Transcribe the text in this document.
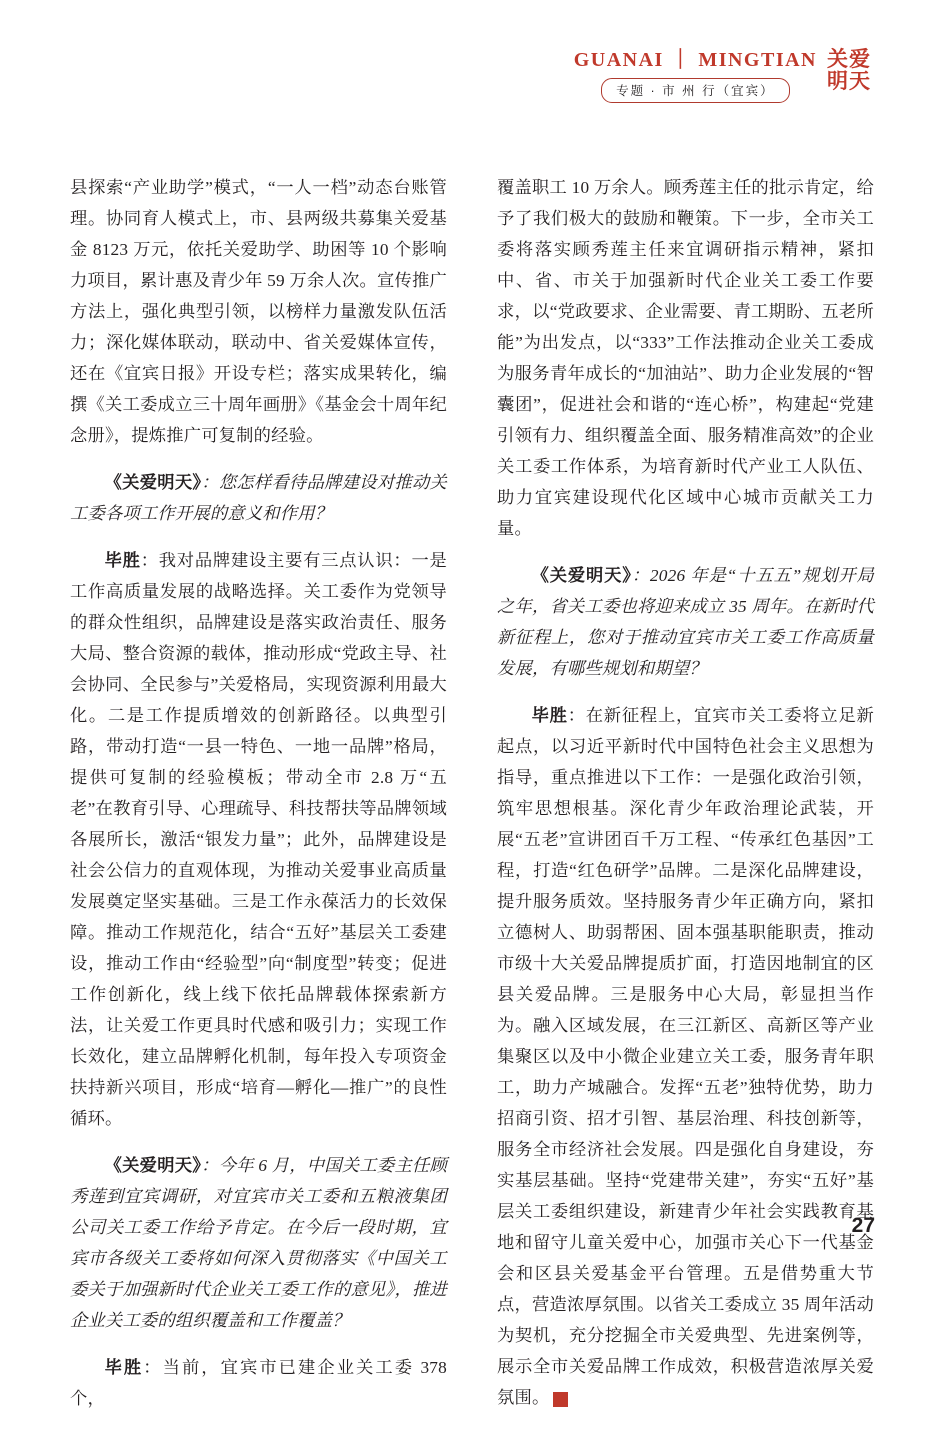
GUANAI ｜ MINGTIAN
专题 · 市 州 行（宜宾）
关爱
明天

县探索“产业助学”模式，“一人一档”动态台账管理。协同育人模式上，市、县两级共募集关爱基金 8123 万元，依托关爱助学、助困等 10 个影响力项目，累计惠及青少年 59 万余人次。宣传推广方法上，强化典型引领，以榜样力量激发队伍活力；深化媒体联动，联动中、省关爱媒体宣传，还在《宜宾日报》开设专栏；落实成果转化，编撰《关工委成立三十周年画册》《基金会十周年纪念册》，提炼推广可复制的经验。

《关爱明天》：您怎样看待品牌建设对推动关工委各项工作开展的意义和作用？

毕胜：我对品牌建设主要有三点认识：一是工作高质量发展的战略选择。关工委作为党领导的群众性组织，品牌建设是落实政治责任、服务大局、整合资源的载体，推动形成“党政主导、社会协同、全民参与”关爱格局，实现资源利用最大化。二是工作提质增效的创新路径。以典型引路，带动打造“一县一特色、一地一品牌”格局，提供可复制的经验模板；带动全市 2.8 万“五老”在教育引导、心理疏导、科技帮扶等品牌领域各展所长，激活“银发力量”；此外，品牌建设是社会公信力的直观体现，为推动关爱事业高质量发展奠定坚实基础。三是工作永葆活力的长效保障。推动工作规范化，结合“五好”基层关工委建设，推动工作由“经验型”向“制度型”转变；促进工作创新化，线上线下依托品牌载体探索新方法，让关爱工作更具时代感和吸引力；实现工作长效化，建立品牌孵化机制，每年投入专项资金扶持新兴项目，形成“培育—孵化—推广”的良性循环。

《关爱明天》：今年 6 月，中国关工委主任顾秀莲到宜宾调研，对宜宾市关工委和五粮液集团公司关工委工作给予肯定。在今后一段时期，宜宾市各级关工委将如何深入贯彻落实《中国关工委关于加强新时代企业关工委工作的意见》，推进企业关工委的组织覆盖和工作覆盖？

毕胜：当前，宜宾市已建企业关工委 378 个，

覆盖职工 10 万余人。顾秀莲主任的批示肯定，给予了我们极大的鼓励和鞭策。下一步，全市关工委将落实顾秀莲主任来宜调研指示精神，紧扣中、省、市关于加强新时代企业关工委工作要求，以“党政要求、企业需要、青工期盼、五老所能”为出发点，以“333”工作法推动企业关工委成为服务青年成长的“加油站”、助力企业发展的“智囊团”，促进社会和谐的“连心桥”，构建起“党建引领有力、组织覆盖全面、服务精准高效”的企业关工委工作体系，为培育新时代产业工人队伍、助力宜宾建设现代化区域中心城市贡献关工力量。

《关爱明天》：2026 年是“十五五”规划开局之年，省关工委也将迎来成立 35 周年。在新时代新征程上，您对于推动宜宾市关工委工作高质量发展，有哪些规划和期望？

毕胜：在新征程上，宜宾市关工委将立足新起点，以习近平新时代中国特色社会主义思想为指导，重点推进以下工作：一是强化政治引领，筑牢思想根基。深化青少年政治理论武装，开展“五老”宣讲团百千万工程、“传承红色基因”工程，打造“红色研学”品牌。二是深化品牌建设，提升服务质效。坚持服务青少年正确方向，紧扣立德树人、助弱帮困、固本强基职能职责，推动市级十大关爱品牌提质扩面，打造因地制宜的区县关爱品牌。三是服务中心大局，彰显担当作为。融入区域发展，在三江新区、高新区等产业集聚区以及中小微企业建立关工委，服务青年职工，助力产城融合。发挥“五老”独特优势，助力招商引资、招才引智、基层治理、科技创新等，服务全市经济社会发展。四是强化自身建设，夯实基层基础。坚持“党建带关建”，夯实“五好”基层关工委组织建设，新建青少年社会实践教育基地和留守儿童关爱中心，加强市关心下一代基金会和区县关爱基金平台管理。五是借势重大节点，营造浓厚氛围。以省关工委成立 35 周年活动为契机，充分挖掘全市关爱典型、先进案例等，展示全市关爱品牌工作成效，积极营造浓厚关爱氛围。	关

27
